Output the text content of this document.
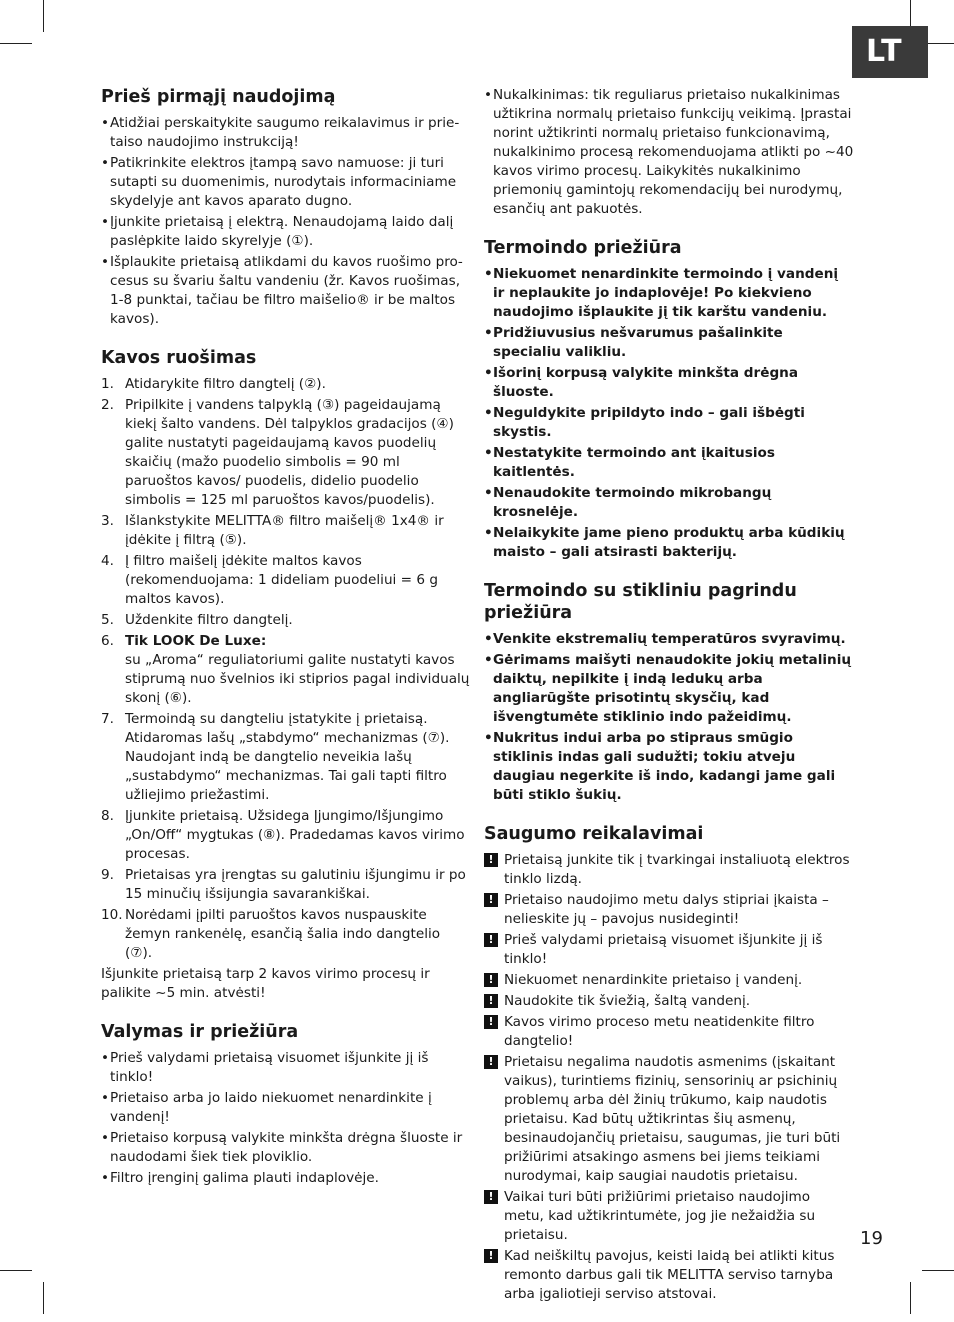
LT
Prieš pirmąjį naudojimą
• Atidžiai perskaitykite saugumo reikalavimus ir prietaiso naudojimo instrukciją!
• Patikrinkite elektros įtampą savo namuose: ji turi sutapti su duomenimis, nurodytais informaciniame skydelyje ant kavos aparato dugno.
• Įjunkite prietaisą į elektrą. Nenaudojamą laido dalį paslėpkite laido skyrelyje (①).
• Išplaukite prietaisą atlikdami du kavos ruošimo procesus su švariu šaltu vandeniu (žr. Kavos ruošimas, 1-8 punktai, tačiau be filtro maišelio® ir be maltos kavos).
Kavos ruošimas
1. Atidarykite filtro dangtelį (②).
2. Pripilkite į vandens talpyklą (③) pageidaujamą kiekį šalto vandens. Dėl talpyklos gradacijos (④) galite nustatyti pageidaujamą kavos puodelių skaičių (mažo puodelio simbolis = 90 ml paruoštos kavos/ puodelis, didelio puodelio simbolis = 125 ml paruoštos kavos/puodelis).
3. Išlankstykite MELITTA® filtro maišelį® 1x4® ir įdėkite į filtrą (⑤).
4. Į filtro maišelį įdėkite maltos kavos (rekomenduojama: 1 dideliam puodeliui = 6 g maltos kavos).
5. Uždenkite filtro dangtelį.
6. Tik LOOK De Luxe:
su „Aroma“ reguliatoriumi galite nustatyti kavos stiprumą nuo švelnios iki stiprios pagal individualų skonį (⑥).
7. Termoindą su dangteliu įstatykite į prietaisą. Atidaromas lašų „stabdymo“ mechanizmas (⑦). Naudojant indą be dangtelio neveikia lašų „sustabdymo“ mechanizmas. Tai gali tapti filtro užliejimo priežastimi.
8. Įjunkite prietaisą. Užsidega Įjungimo/Išjungimo „On/Off“ mygtukas (⑧). Pradedamas kavos virimo procesas.
9. Prietaisas yra įrengtas su galutiniu išjungimu ir po 15 minučių išsijungia savarankiškai.
10. Norėdami įpilti paruoštos kavos nuspauskite žemyn rankenėlę, esančią šalia indo dangtelio (⑦).

Išjunkite prietaisą tarp 2 kavos virimo procesų ir palikite ~5 min. atvėsti!

Valymas ir priežiūra
• Prieš valydami prietaisą visuomet išjunkite jį iš tinklo!
• Prietaiso arba jo laido niekuomet nenardinkite į vandenį!
• Prietaiso korpusą valykite minkšta drėgna šluoste ir naudodami šiek tiek ploviklio.
• Filtro įrenginį galima plauti indaplovėje.
• Nukalkinimas: tik reguliarus prietaiso nukalkinimas užtikrina normalų prietaiso funkcijų veikimą. Įprastai norint užtikrinti normalų prietaiso funkcionavimą, nukalkinimo procesą rekomenduojama atlikti po ~40 kavos virimo procesų. Laikykitės nukalkinimo priemonių gamintojų rekomendacijų bei nurodymų, esančių ant pakuotės.
Termoindo priežiūra
• Niekuomet nenardinkite termoindo į vandenį ir neplaukite jo indaplovėje! Po kiekvieno naudojimo išplaukite jį tik karštu vandeniu.
• Pridžiuvusius nešvarumus pašalinkite specialiu valikliu.
• Išorinį korpusą valykite minkšta drėgna šluoste.
• Neguldykite pripildyto indo – gali išbėgti skystis.
• Nestatykite termoindo ant įkaitusios kaitlentės.
• Nenaudokite termoindo mikrobangų krosnelėje.
• Nelaikykite jame pieno produktų arba kūdikių maisto – gali atsirasti bakterijų.
Termoindo su stikliniu pagrindu priežiūra
• Venkite ekstremalių temperatūros svyravimų.
• Gėrimams maišyti nenaudokite jokių metalinių daiktų, nepilkite į indą ledukų arba angliarūgšte prisotintų skysčių, kad išvengtumėte stiklinio indo pažeidimų.
• Nukritus indui arba po stipraus smūgio stiklinis indas gali sudužti; tokiu atveju daugiau negerkite iš indo, kadangi jame gali būti stiklo šukių.
Saugumo reikalavimai
! Prietaisą junkite tik į tvarkingai instaliuotą elektros tinklo lizdą.
! Prietaiso naudojimo metu dalys stipriai įkaista – nelieskite jų – pavojus nusideginti!
! Prieš valydami prietaisą visuomet išjunkite jį iš tinklo!
! Niekuomet nenardinkite prietaiso į vandenį.
! Naudokite tik šviežią, šaltą vandenį.
! Kavos virimo proceso metu neatidenkite filtro dangtelio!
! Prietaisu negalima naudotis asmenims (įskaitant vaikus), turintiems fizinių, sensorinių ar psichinių problemų arba dėl žinių trūkumo, kaip naudotis prietaisu. Kad būtų užtikrintas šių asmenų, besinaudojančių prietaisu, saugumas, jie turi būti prižiūrimi atsakingo asmens bei jiems teikiami nurodymai, kaip saugiai naudotis prietaisu.
! Vaikai turi būti prižiūrimi prietaiso naudojimo metu, kad užtikrintumėte, jog jie nežaidžia su prietaisu.
! Kad neiškiltų pavojus, keisti laidą bei atlikti kitus remonto darbus gali tik MELITTA serviso tarnyba arba įgaliotieji serviso atstovai.
19
